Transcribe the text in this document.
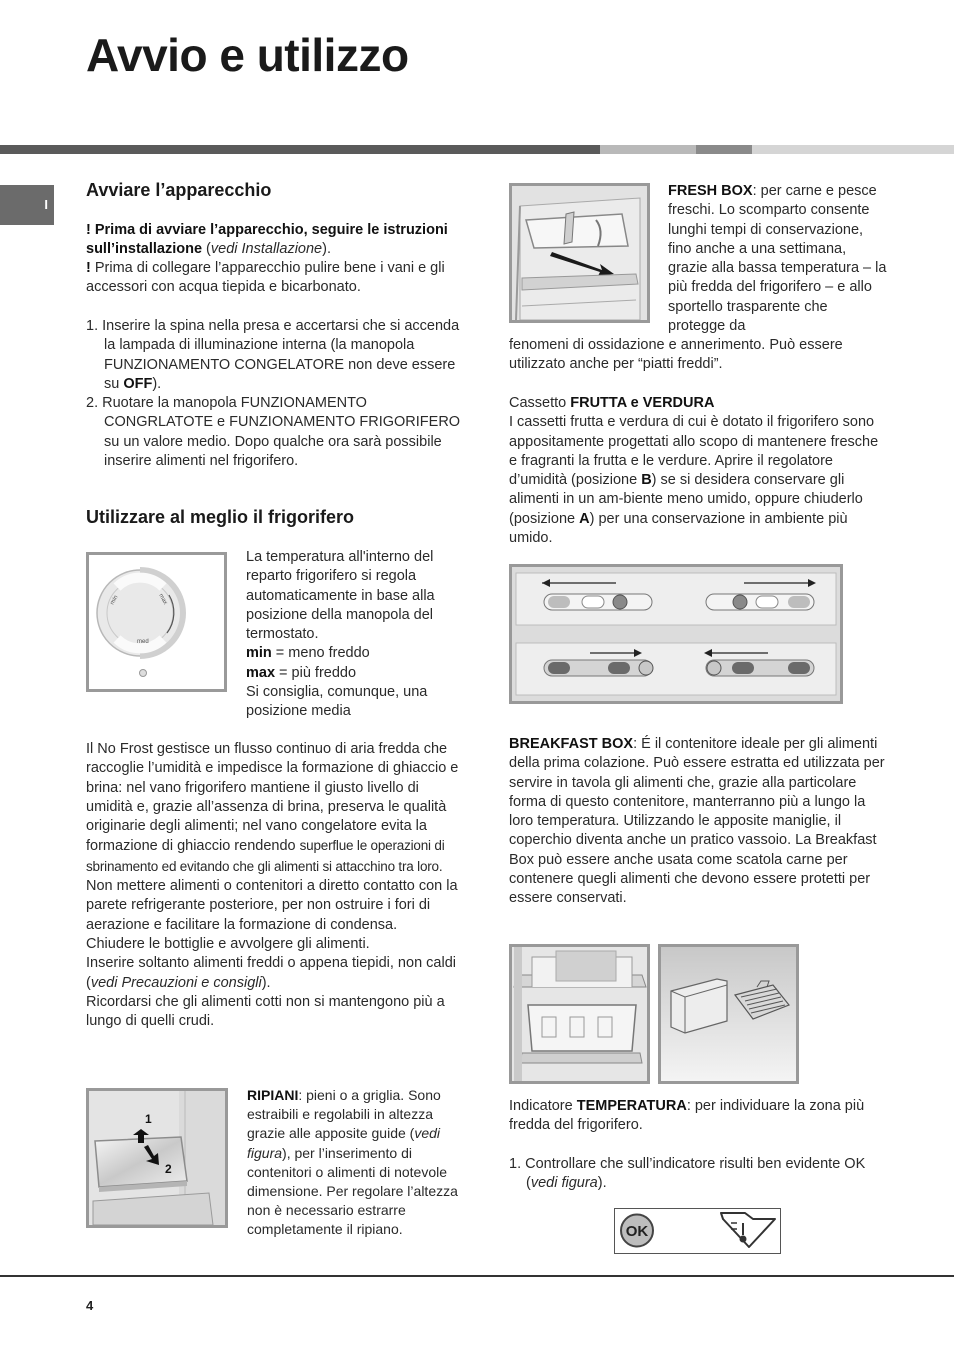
Avvio e utilizzo
I
Avviare l’apparecchio
! Prima di avviare l’apparecchio, seguire le istruzioni sull’installazione (vedi Installazione).
! Prima di collegare l’apparecchio pulire bene i vani e gli accessori con acqua tiepida e bicarbonato.
1. Inserire la spina nella presa e accertarsi che si accenda la lampada di illuminazione interna (la manopola FUNZIONAMENTO CONGELATORE non deve essere su OFF).
2. Ruotare la manopola FUNZIONAMENTO CONGRLATOTE e FUNZIONAMENTO FRIGORIFERO su un valore medio. Dopo qualche ora sarà possibile inserire alimenti nel frigorifero.
Utilizzare al meglio il frigorifero
min
med
max
La temperatura all'interno del reparto frigorifero si regola automaticamente in base alla posizione della manopola del termostato.
min = meno freddo
max = più freddo
Si consiglia, comunque, una posizione media
Il No Frost gestisce un flusso continuo di aria fredda che raccoglie l’umidità e impedisce la formazione di ghiaccio e brina: nel vano frigorifero mantiene il giusto livello di umidità e, grazie all’assenza di brina, preserva le qualità originarie degli alimenti; nel vano congelatore evita la formazione di ghiaccio rendendo superflue le operazioni di sbrinamento ed evitando che gli alimenti si attacchino tra loro.
Non mettere alimenti o contenitori a diretto contatto con la parete refrigerante posteriore, per non ostruire i fori di aerazione e facilitare la formazione di condensa.
Chiudere le bottiglie e avvolgere gli alimenti.
Inserire soltanto alimenti freddi o appena tiepidi, non caldi (vedi Precauzioni e consigli).
Ricordarsi che gli alimenti cotti non si mantengono più a lungo di quelli crudi.
1
2
RIPIANI: pieni o a griglia. Sono estraibili e regolabili in altezza grazie alle apposite guide (vedi figura), per l’inserimento di contenitori o alimenti di notevole dimensione. Per regolare l’altezza non è necessario estrarre completamente il ripiano.
FRESH BOX: per carne e pesce freschi. Lo scomparto consente lunghi tempi di conservazione, fino anche a una settimana, grazie alla bassa temperatura – la più fredda del frigorifero – e allo sportello trasparente che protegge da
fenomeni di ossidazione e annerimento. Può essere utilizzato anche per “piatti freddi”.
Cassetto FRUTTA e VERDURA
I cassetti frutta e verdura di cui è dotato il frigorifero sono appositamente progettati allo scopo di mantenere fresche e fragranti la frutta e le verdure. Aprire il regolatore d’umidità (posizione B) se si desidera conservare gli alimenti in un am-biente meno umido, oppure chiuderlo (posizione A) per una conservazione in ambiente più umido.
BREAKFAST BOX: É il contenitore ideale per gli alimenti della prima colazione. Può essere estratta ed utilizzata per servire in tavola gli alimenti che, grazie alla particolare forma di questo contenitore, manterranno più a lungo la loro temperatura. Utilizzando le apposite maniglie, il coperchio diventa anche un pratico vassoio. La Breakfast Box può essere anche usata come scatola carne per contenere quegli alimenti che devono essere protetti per essere conservati.
Indicatore TEMPERATURA: per individuare la zona più fredda del frigorifero.
1. Controllare che sull’indicatore risulti ben evidente OK (vedi figura).
OK
4
